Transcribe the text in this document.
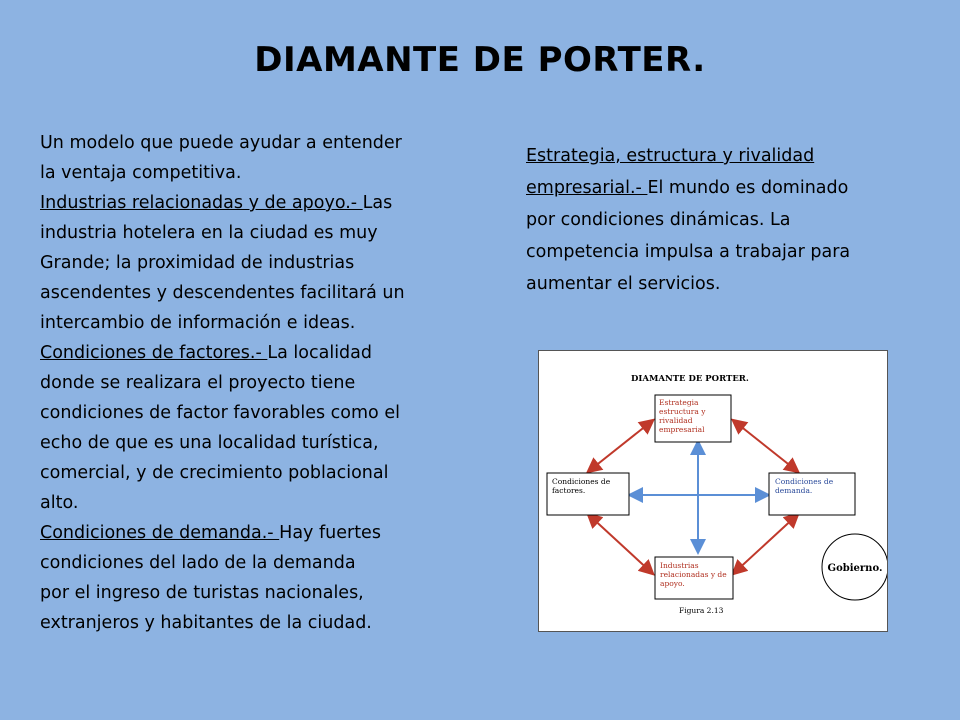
DIAMANTE DE PORTER.
Un modelo que puede ayudar a entender
la ventaja competitiva.
Industrias relacionadas y de apoyo.- Las
industria hotelera en la ciudad es muy
Grande; la proximidad de industrias
ascendentes y descendentes facilitará un
intercambio de información e ideas.
Condiciones de factores.- La localidad
donde se realizara el proyecto tiene
condiciones de factor favorables como el
echo de que es una localidad turística,
comercial, y de crecimiento poblacional
alto.
Condiciones de demanda.- Hay fuertes
condiciones del lado de la demanda
por el ingreso de turistas nacionales,
extranjeros y habitantes de la ciudad.
Estrategia, estructura y rivalidad
empresarial.- El mundo es dominado
por condiciones dinámicas. La
competencia impulsa a trabajar para
aumentar el servicios.
DIAMANTE DE PORTER.
Estrategia
estructura y
rivalidad
empresarial
Condiciones de
factores.
Condiciones de
demanda.
Industrias
relacionadas y de
apoyo.
Gobierno.
Figura 2.13
